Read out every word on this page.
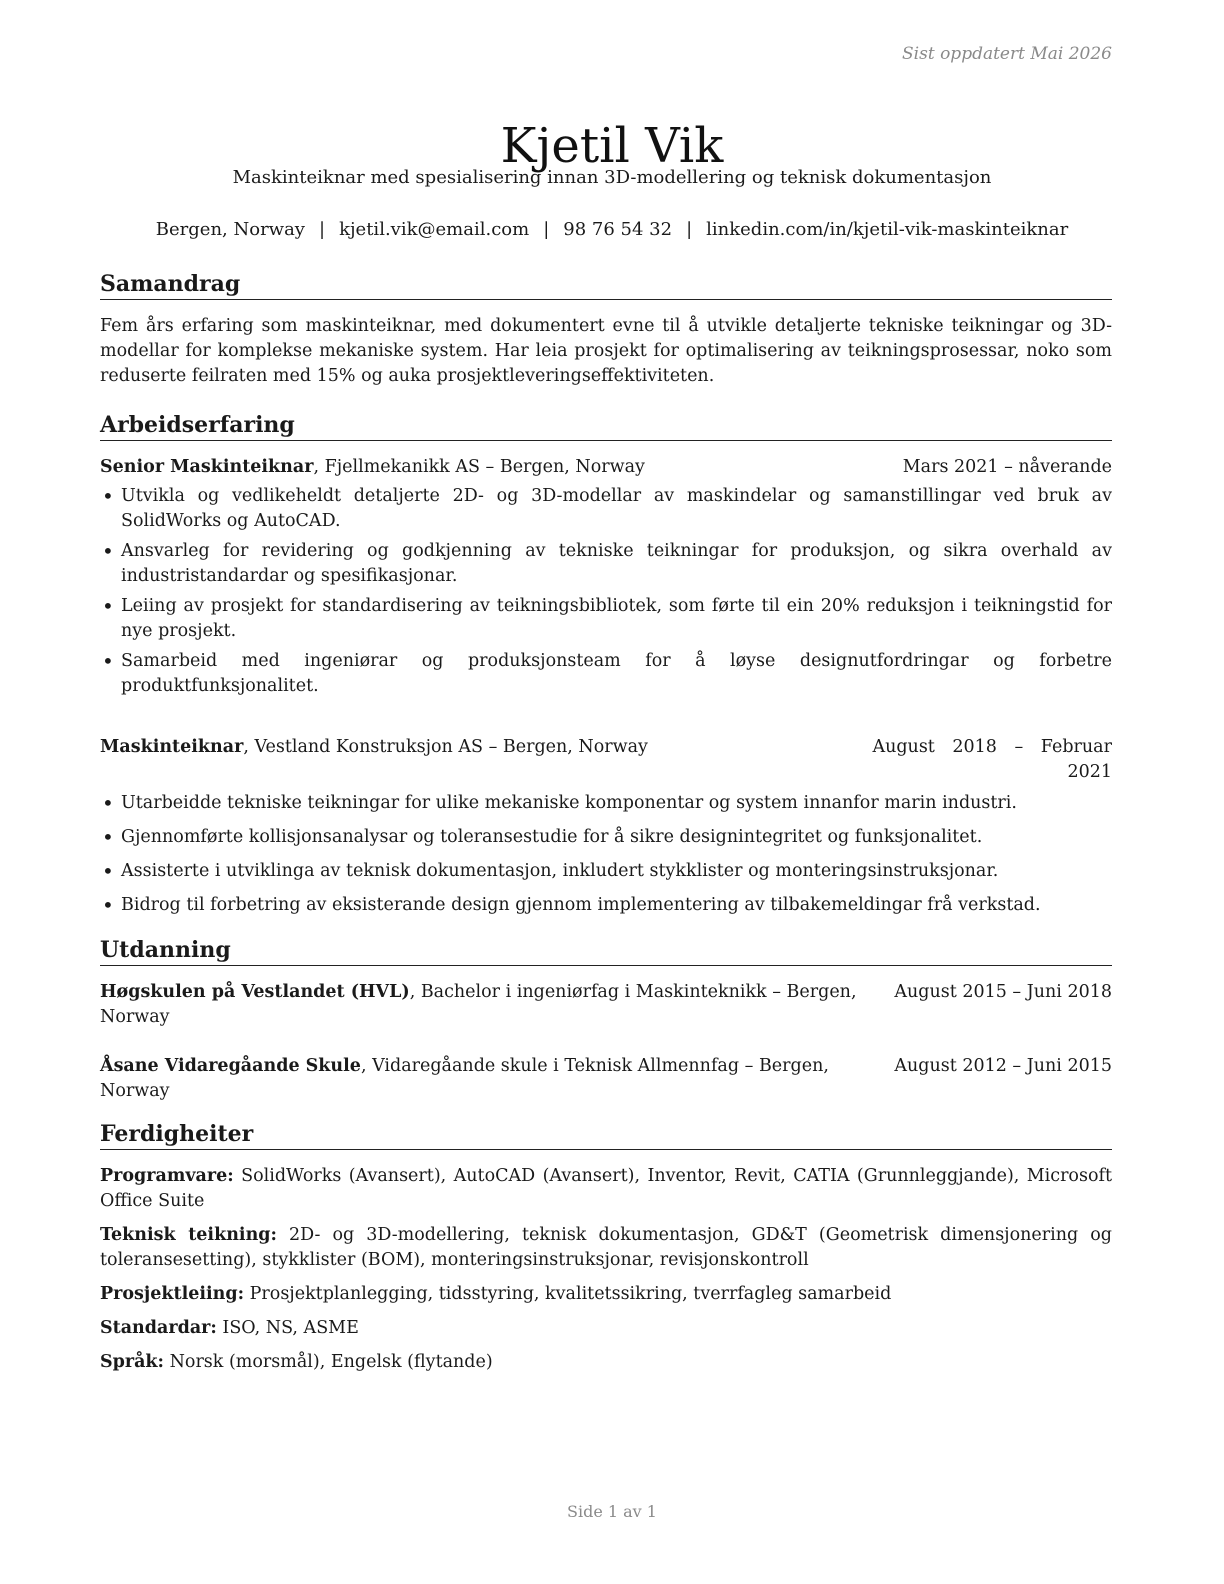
Sist oppdatert Mai 2026
Kjetil Vik
Maskinteiknar med spesialisering innan 3D-modellering og teknisk dokumentasjon
Bergen, Norway | kjetil.vik@email.com | 98 76 54 32 | linkedin.com/in/kjetil-vik-maskinteiknar
Samandrag

Fem års erfaring som maskinteiknar, med dokumentert evne til å utvikle detaljerte tekniske teikningar og 3D-modellar for komplekse mekaniske system. Har leia prosjekt for optimalisering av teikningsprosessar, noko som reduserte feilraten med 15% og auka prosjektleveringseffektiviteten.

Arbeidserfaring
Senior Maskinteiknar, Fjellmekanikk AS – Bergen, Norway	Mars 2021 – nåverande
• Utvikla og vedlikeheldt detaljerte 2D- og 3D-modellar av maskindelar og samanstillingar ved bruk av SolidWorks og AutoCAD.
• Ansvarleg for revidering og godkjenning av tekniske teikningar for produksjon, og sikra overhald av industristandardar og spesifikasjonar.
• Leiing av prosjekt for standardisering av teikningsbibliotek, som førte til ein 20% reduksjon i teikningstid for nye prosjekt.
• Samarbeid med ingeniørar og produksjonsteam for å løyse designutfordringar og forbetre produktfunksjonalitet.
Maskinteiknar, Vestland Konstruksjon AS – Bergen, Norway	August 2018 – Februar 2021
• Utarbeidde tekniske teikningar for ulike mekaniske komponentar og system innanfor marin industri.
• Gjennomførte kollisjonsanalysar og toleransestudie for å sikre designintegritet og funksjonalitet.
• Assisterte i utviklinga av teknisk dokumentasjon, inkludert stykklister og monteringsinstruksjonar.
• Bidrog til forbetring av eksisterande design gjennom implementering av tilbakemeldingar frå verkstad.
Utdanning
Høgskulen på Vestlandet (HVL), Bachelor i ingeniørfag i Maskinteknikk – Bergen, Norway
August 2015 – Juni 2018
Åsane Vidaregåande Skule, Vidaregåande skule i Teknisk Allmennfag – Bergen, Norway
August 2012 – Juni 2015
Ferdigheiter
Programvare: SolidWorks (Avansert), AutoCAD (Avansert), Inventor, Revit, CATIA (Grunnleggjande), Microsoft Office Suite
Teknisk teikning: 2D- og 3D-modellering, teknisk dokumentasjon, GD&T (Geometrisk dimensjonering og toleransesetting), stykklister (BOM), monteringsinstruksjonar, revisjonskontroll
Prosjektleiing: Prosjektplanlegging, tidsstyring, kvalitetssikring, tverrfagleg samarbeid
Standardar: ISO, NS, ASME
Språk: Norsk (morsmål), Engelsk (flytande)
Side 1 av 1
